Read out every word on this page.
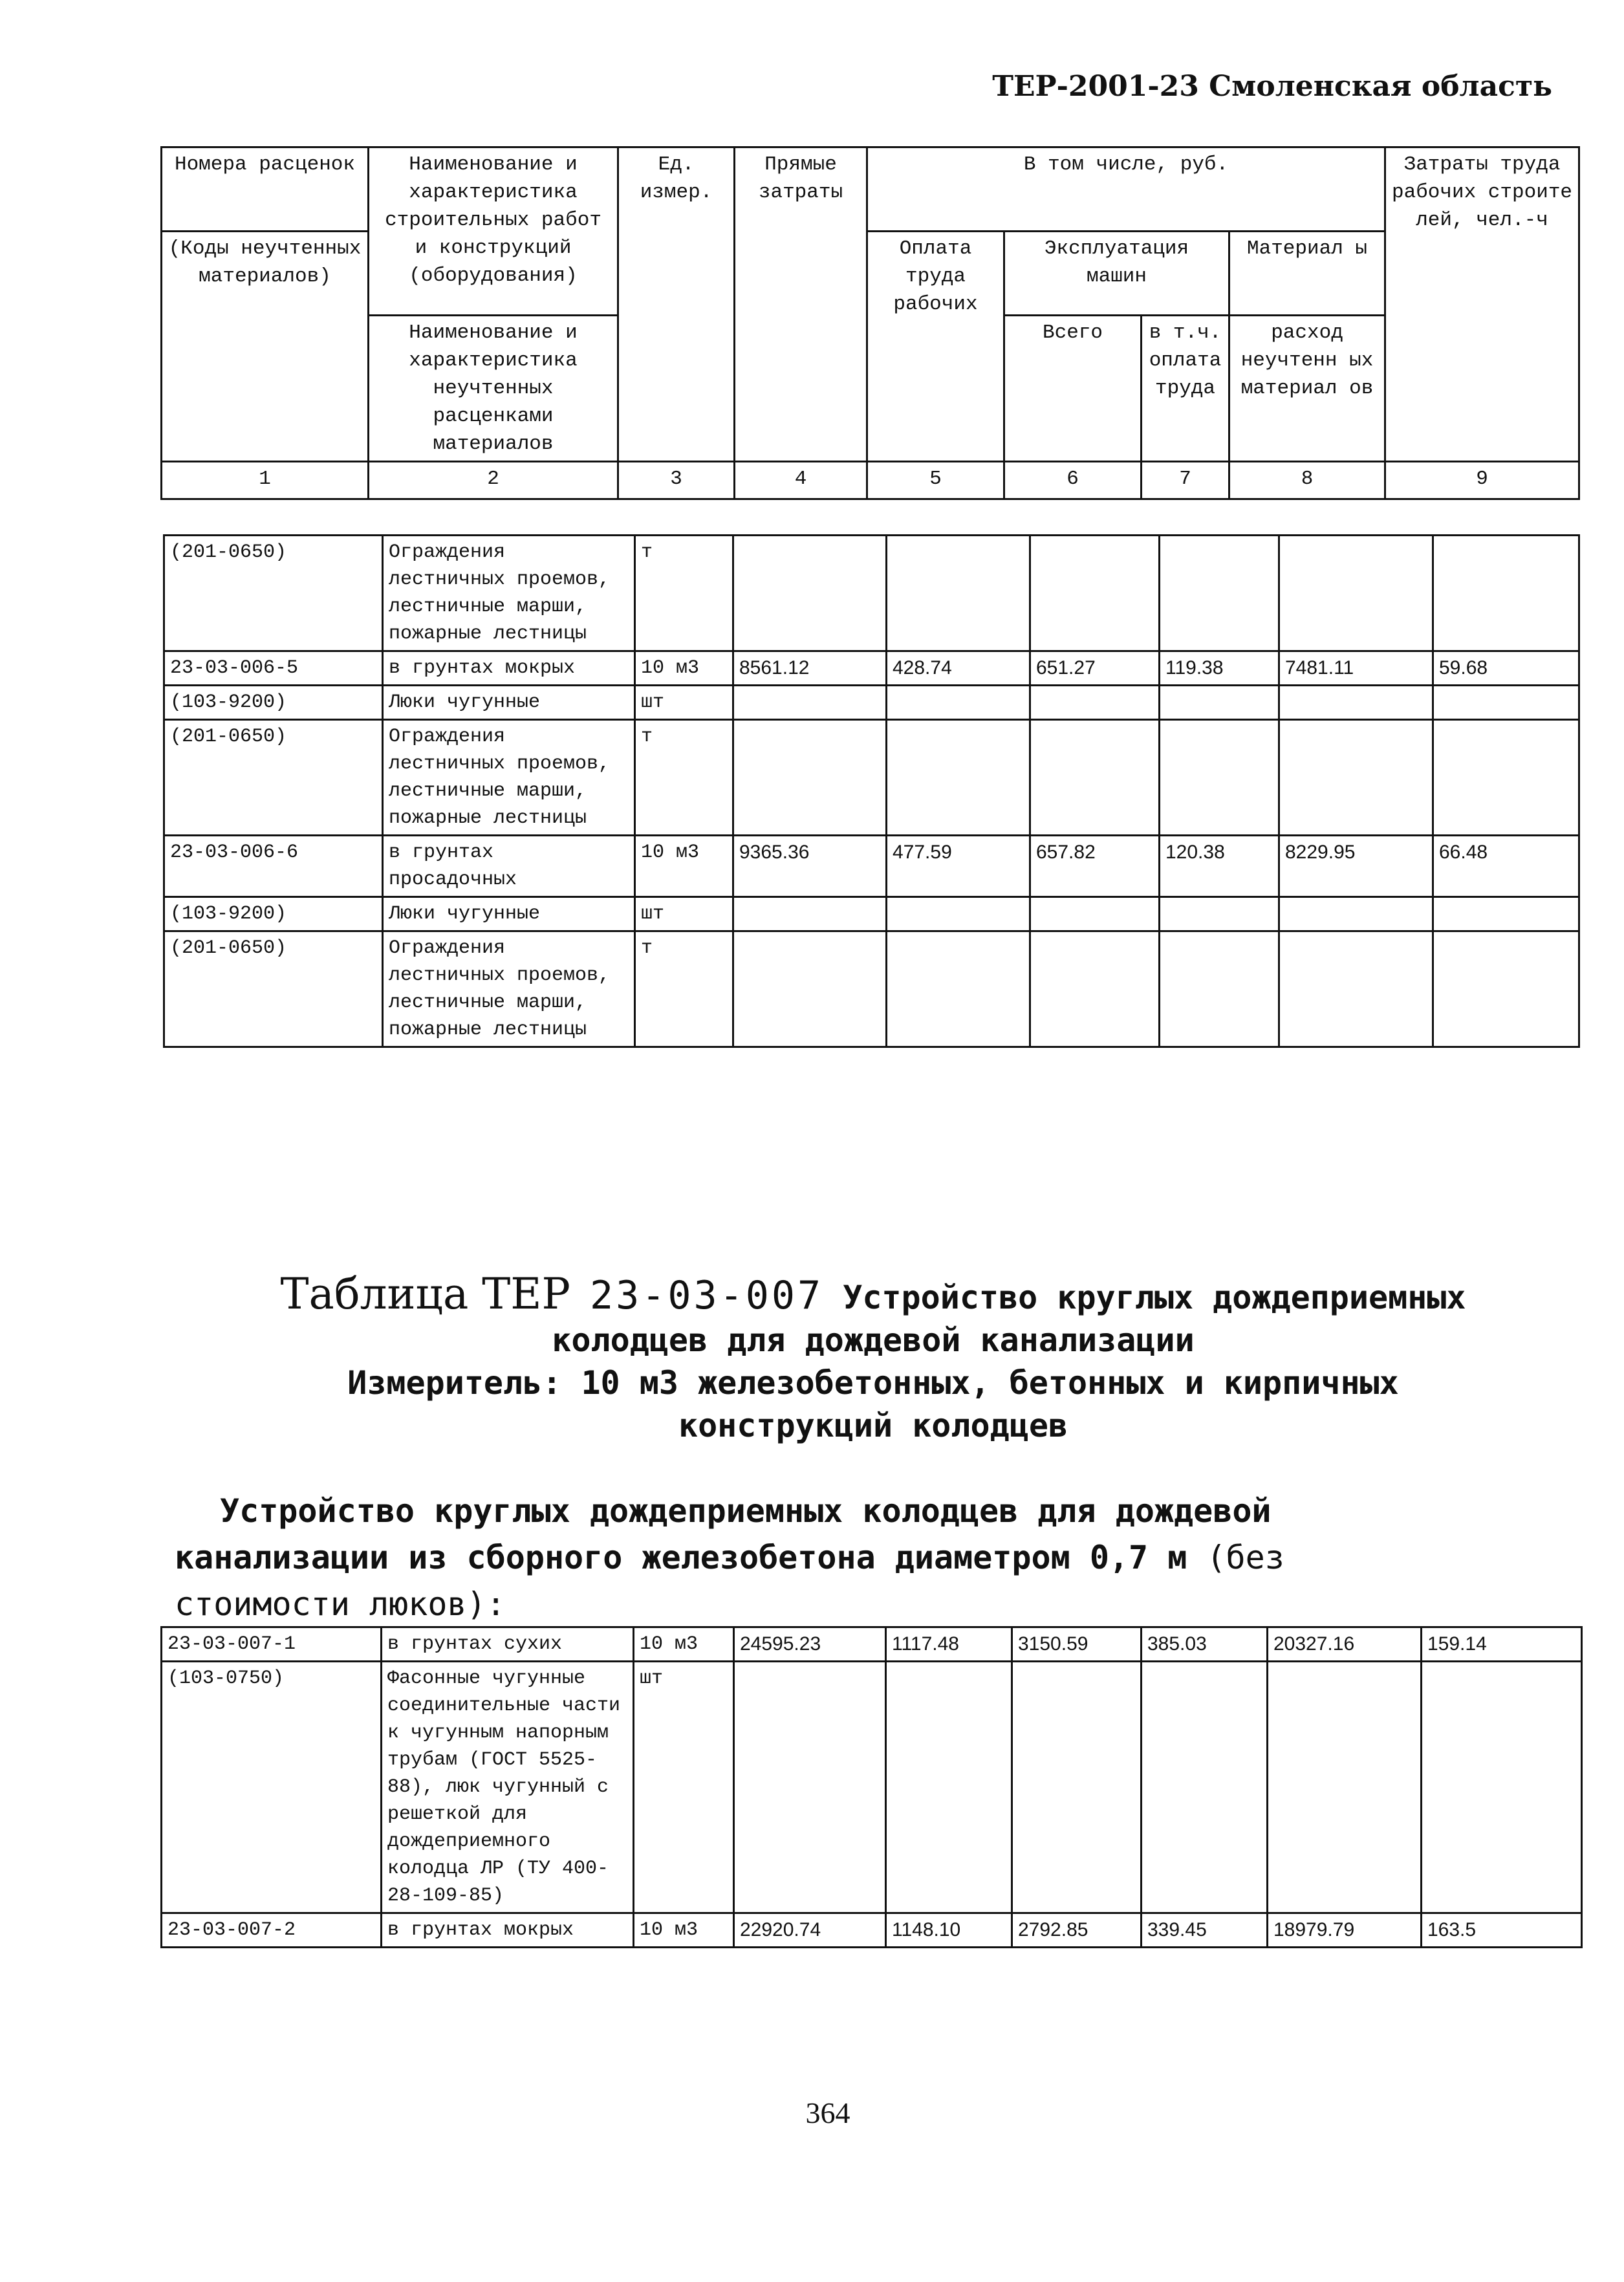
ТЕР-2001-23 Смоленская область
Номера расценок	Наименование и характеристика строительных работ и конструкций (оборудования)	Ед. измер.	Прямые затраты	В том числе, руб.				Затраты труда рабочих строите лей, чел.-ч
(Коды неучтенных материалов)				Оплата труда рабочих	Эксплуатация машин		Материал ы	
	Наименование и характеристика неучтенных расценками материалов				Всего	в т.ч. оплата труда	расход неучтенн ых материал ов	
1	2	3	4	5	6	7	8	9
(201-0650)	Ограждения лестничных проемов, лестничные марши, пожарные лестницы	т						
23-03-006-5	в грунтах мокрых	10 м3	8561.12	428.74	651.27	119.38	7481.11	59.68
(103-9200)	Люки чугунные	шт						
(201-0650)	Ограждения лестничных проемов, лестничные марши, пожарные лестницы	т						
23-03-006-6	в грунтах просадочных	10 м3	9365.36	477.59	657.82	120.38	8229.95	66.48
(103-9200)	Люки чугунные	шт						
(201-0650)	Ограждения лестничных проемов, лестничные марши, пожарные лестницы	т						
Таблица ТЕР 23-03-007 Устройство круглых дождеприемных
колодцев для дождевой канализации
Измеритель: 10 м3 железобетонных, бетонных и кирпичных
конструкций колодцев
Устройство круглых дождеприемных колодцев для дождевой
канализации из сборного железобетона диаметром 0,7 м (без
стоимости люков):
23-03-007-1	в грунтах сухих	10 м3	24595.23	1117.48	3150.59	385.03	20327.16	159.14
(103-0750)	Фасонные чугунные соединительные части к чугунным напорным трубам (ГОСТ 5525-88), люк чугунный с решеткой для дождеприемного колодца ЛР (ТУ 400-28-109-85)	шт						
23-03-007-2	в грунтах мокрых	10 м3	22920.74	1148.10	2792.85	339.45	18979.79	163.5
364
